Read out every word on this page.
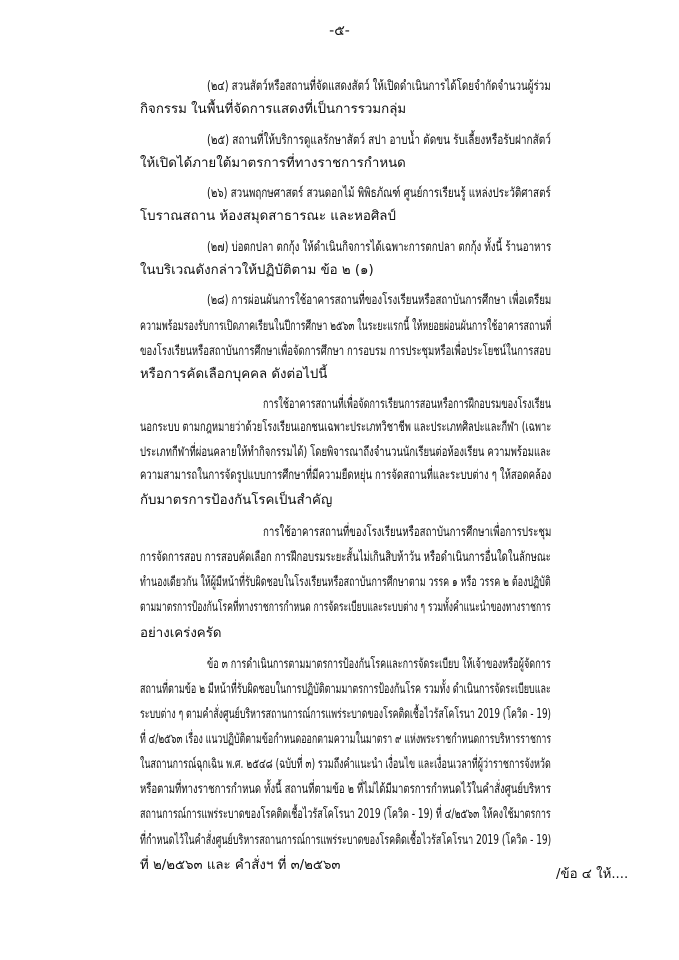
-๕-
(๒๔) สวนสัตว์หรือสถานที่จัดแสดงสัตว์ ให้เปิดดำเนินการได้โดยจำกัดจำนวนผู้ร่วม
กิจกรรม ในพื้นที่จัดการแสดงที่เป็นการรวมกลุ่ม
(๒๕) สถานที่ให้บริการดูแลรักษาสัตว์ สปา อาบน้ำ ตัดขน รับเลี้ยงหรือรับฝากสัตว์
ให้เปิดได้ภายใต้มาตรการที่ทางราชการกำหนด
(๒๖) สวนพฤกษศาสตร์ สวนดอกไม้ พิพิธภัณฑ์ ศูนย์การเรียนรู้ แหล่งประวัติศาสตร์
โบราณสถาน ห้องสมุดสาธารณะ และหอศิลป์
(๒๗) บ่อตกปลา ตกกุ้ง ให้ดำเนินกิจการได้เฉพาะการตกปลา ตกกุ้ง ทั้งนี้ ร้านอาหาร
ในบริเวณดังกล่าวให้ปฏิบัติตาม ข้อ ๒ (๑)
(๒๘) การผ่อนผันการใช้อาคารสถานที่ของโรงเรียนหรือสถาบันการศึกษา เพื่อเตรียม
ความพร้อมรองรับการเปิดภาคเรียนในปีการศึกษา ๒๕๖๓ ในระยะแรกนี้ ให้หยอยผ่อนผันการใช้อาคารสถานที่
ของโรงเรียนหรือสถาบันการศึกษาเพื่อจัดการศึกษา การอบรม การประชุมหรือเพื่อประโยชน์ในการสอบ
หรือการคัดเลือกบุคคล ดังต่อไปนี้
การใช้อาคารสถานที่เพื่อจัดการเรียนการสอนหรือการฝึกอบรมของโรงเรียน
นอกระบบ ตามกฎหมายว่าด้วยโรงเรียนเอกชนเฉพาะประเภทวิชาชีพ และประเภทศิลปะและกีฬา (เฉพาะ
ประเภทกีฬาที่ผ่อนคลายให้ทำกิจกรรมได้) โดยพิจารณาถึงจำนวนนักเรียนต่อห้องเรียน ความพร้อมและ
ความสามารถในการจัดรูปแบบการศึกษาที่มีความยืดหยุ่น การจัดสถานที่และระบบต่าง ๆ ให้สอดคล้อง
กับมาตรการป้องกันโรคเป็นสำคัญ
การใช้อาคารสถานที่ของโรงเรียนหรือสถาบันการศึกษาเพื่อการประชุม
การจัดการสอบ การสอบคัดเลือก การฝึกอบรมระยะสั้นไม่เกินสิบห้าวัน หรือดำเนินการอื่นใดในลักษณะ
ทำนองเดียวกัน ให้ผู้มีหน้าที่รับผิดชอบในโรงเรียนหรือสถาบันการศึกษาตาม วรรค ๑ หรือ วรรค ๒ ต้องปฏิบัติ
ตามมาตรการป้องกันโรคที่ทางราชการกำหนด การจัดระเบียบและระบบต่าง ๆ รวมทั้งคำแนะนำของทางราชการ
อย่างเคร่งครัด
ข้อ ๓ การดำเนินการตามมาตรการป้องกันโรคและการจัดระเบียบ ให้เจ้าของหรือผู้จัดการ
สถานที่ตามข้อ ๒ มีหน้าที่รับผิดชอบในการปฏิบัติตามมาตรการป้องกันโรค รวมทั้ง ดำเนินการจัดระเบียบและ
ระบบต่าง ๆ ตามคำสั่งศูนย์บริหารสถานการณ์การแพร่ระบาดของโรคติดเชื้อไวรัสโคโรนา 2019 (โควิด - 19)
ที่ ๔/๒๕๖๓ เรื่อง แนวปฏิบัติตามข้อกำหนดออกตามความในมาตรา ๙ แห่งพระราชกำหนดการบริหารราชการ
ในสถานการณ์ฉุกเฉิน พ.ศ. ๒๕๔๘ (ฉบับที่ ๓) รวมถึงคำแนะนำ เงื่อนไข และเงื่อนเวลาที่ผู้ว่าราชการจังหวัด
หรือตามที่ทางราชการกำหนด ทั้งนี้ สถานที่ตามข้อ ๒ ที่ไม่ได้มีมาตรการกำหนดไว้ในคำสั่งศูนย์บริหาร
สถานการณ์การแพร่ระบาดของโรคติดเชื้อไวรัสโคโรนา 2019 (โควิด - 19) ที่ ๔/๒๕๖๓ ให้คงใช้มาตรการ
ที่กำหนดไว้ในคำสั่งศูนย์บริหารสถานการณ์การแพร่ระบาดของโรคติดเชื้อไวรัสโคโรนา 2019 (โควิด - 19)
ที่ ๒/๒๕๖๓ และ คำสั่งฯ ที่ ๓/๒๕๖๓
/ข้อ ๔ ให้....
